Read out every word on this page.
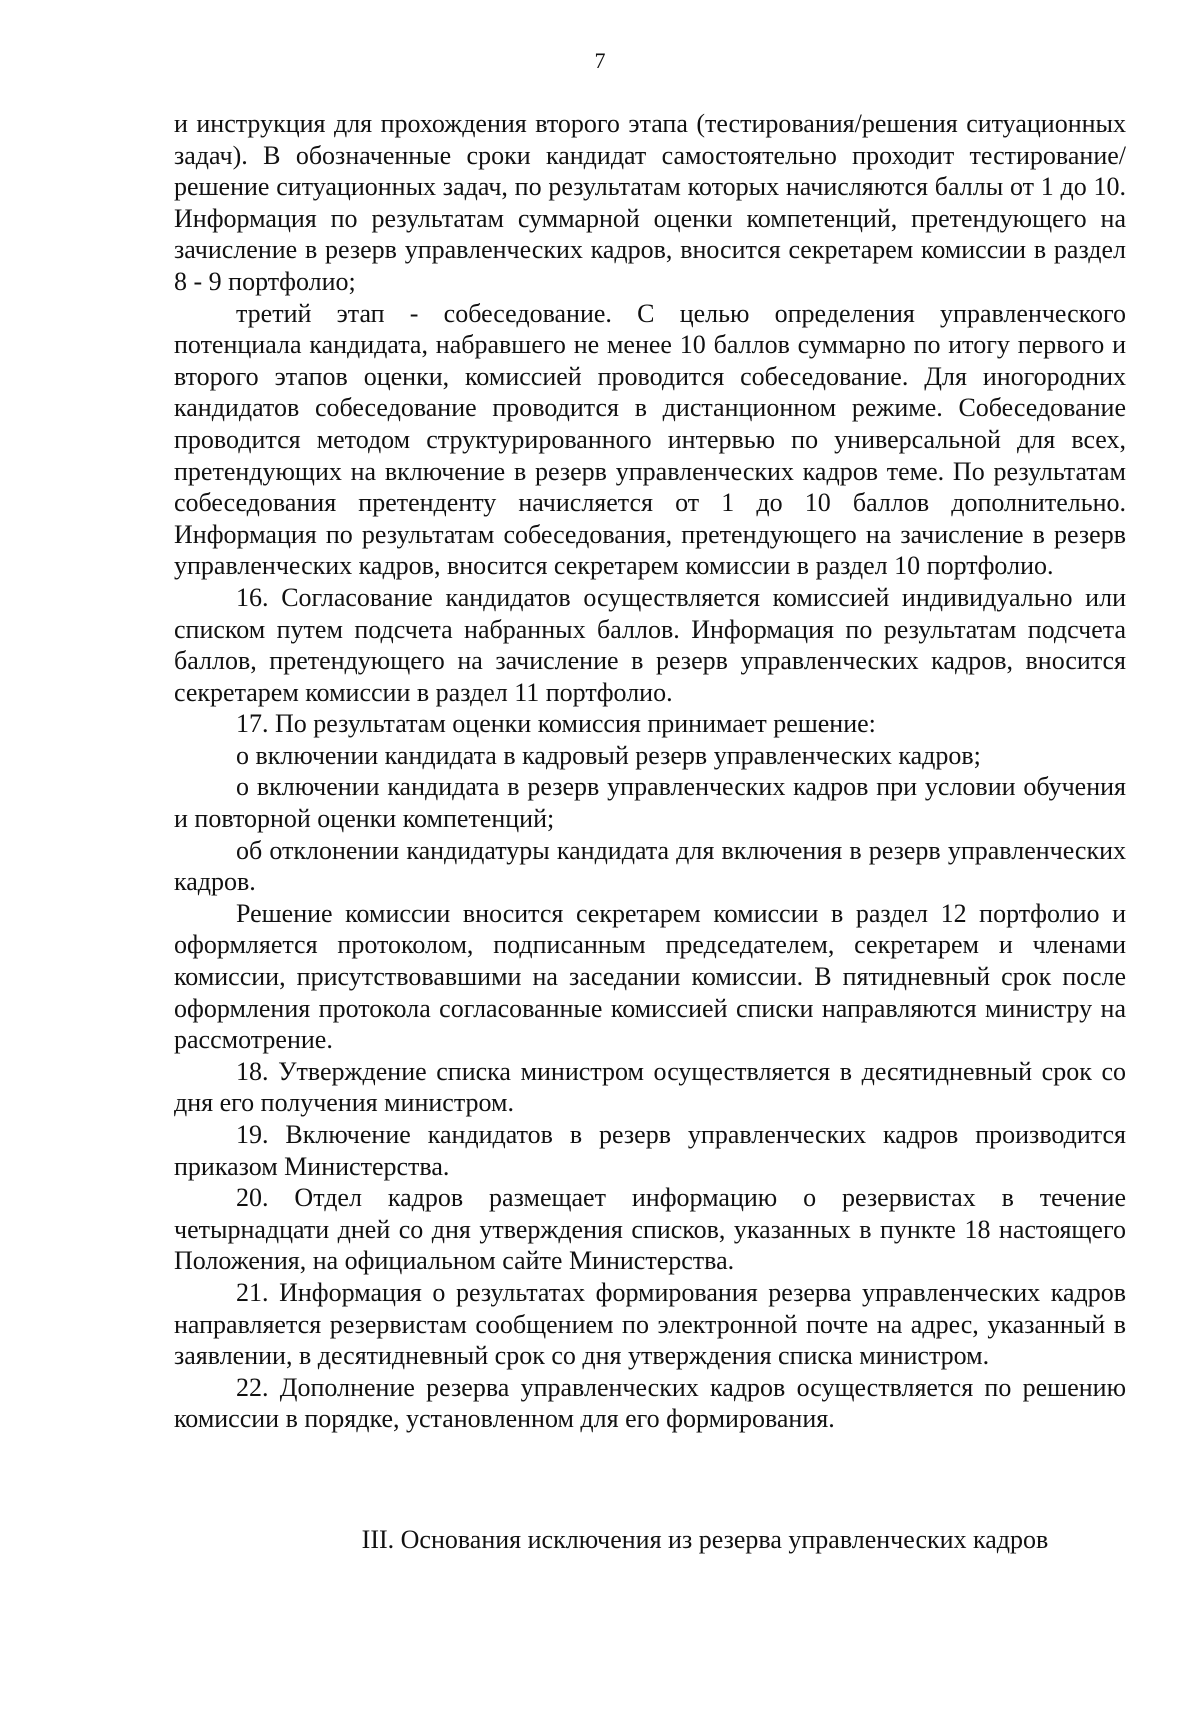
7

и инструкция для прохождения второго этапа (тестирования/решения ситуационных задач). В обозначенные сроки кандидат самостоятельно проходит тестирование/решение ситуационных задач, по результатам которых начисляются баллы от 1 до 10. Информация по результатам суммарной оценки компетенций, претендующего на зачисление в резерв управленческих кадров, вносится секретарем комиссии в раздел 8 - 9 портфолио;

третий этап - собеседование. С целью определения управленческого потенциала кандидата, набравшего не менее 10 баллов суммарно по итогу первого и второго этапов оценки, комиссией проводится собеседование. Для иногородних кандидатов собеседование проводится в дистанционном режиме. Собеседование проводится методом структурированного интервью по универсальной для всех, претендующих на включение в резерв управленческих кадров теме. По результатам собеседования претенденту начисляется от 1 до 10 баллов дополнительно. Информация по результатам собеседования, претендующего на зачисление в резерв управленческих кадров, вносится секретарем комиссии в раздел 10 портфолио.

16. Согласование кандидатов осуществляется комиссией индивидуально или списком путем подсчета набранных баллов. Информация по результатам подсчета баллов, претендующего на зачисление в резерв управленческих кадров, вносится секретарем комиссии в раздел 11 портфолио.

17. По результатам оценки комиссия принимает решение:

о включении кандидата в кадровый резерв управленческих кадров;

о включении кандидата в резерв управленческих кадров при условии обучения и повторной оценки компетенций;

об отклонении кандидатуры кандидата для включения в резерв управленческих кадров.

Решение комиссии вносится секретарем комиссии в раздел 12 портфолио и оформляется протоколом, подписанным председателем, секретарем и членами комиссии, присутствовавшими на заседании комиссии. В пятидневный срок после оформления протокола согласованные комиссией списки направляются министру на рассмотрение.

18. Утверждение списка министром осуществляется в десятидневный срок со дня его получения министром.

19. Включение кандидатов в резерв управленческих кадров производится приказом Министерства.

20. Отдел кадров размещает информацию о резервистах в течение четырнадцати дней со дня утверждения списков, указанных в пункте 18 настоящего Положения, на официальном сайте Министерства.

21. Информация о результатах формирования резерва управленческих кадров направляется резервистам сообщением по электронной почте на адрес, указанный в заявлении, в десятидневный срок со дня утверждения списка министром.

22. Дополнение резерва управленческих кадров осуществляется по решению комиссии в порядке, установленном для его формирования.

III. Основания исключения из резерва управленческих кадров
